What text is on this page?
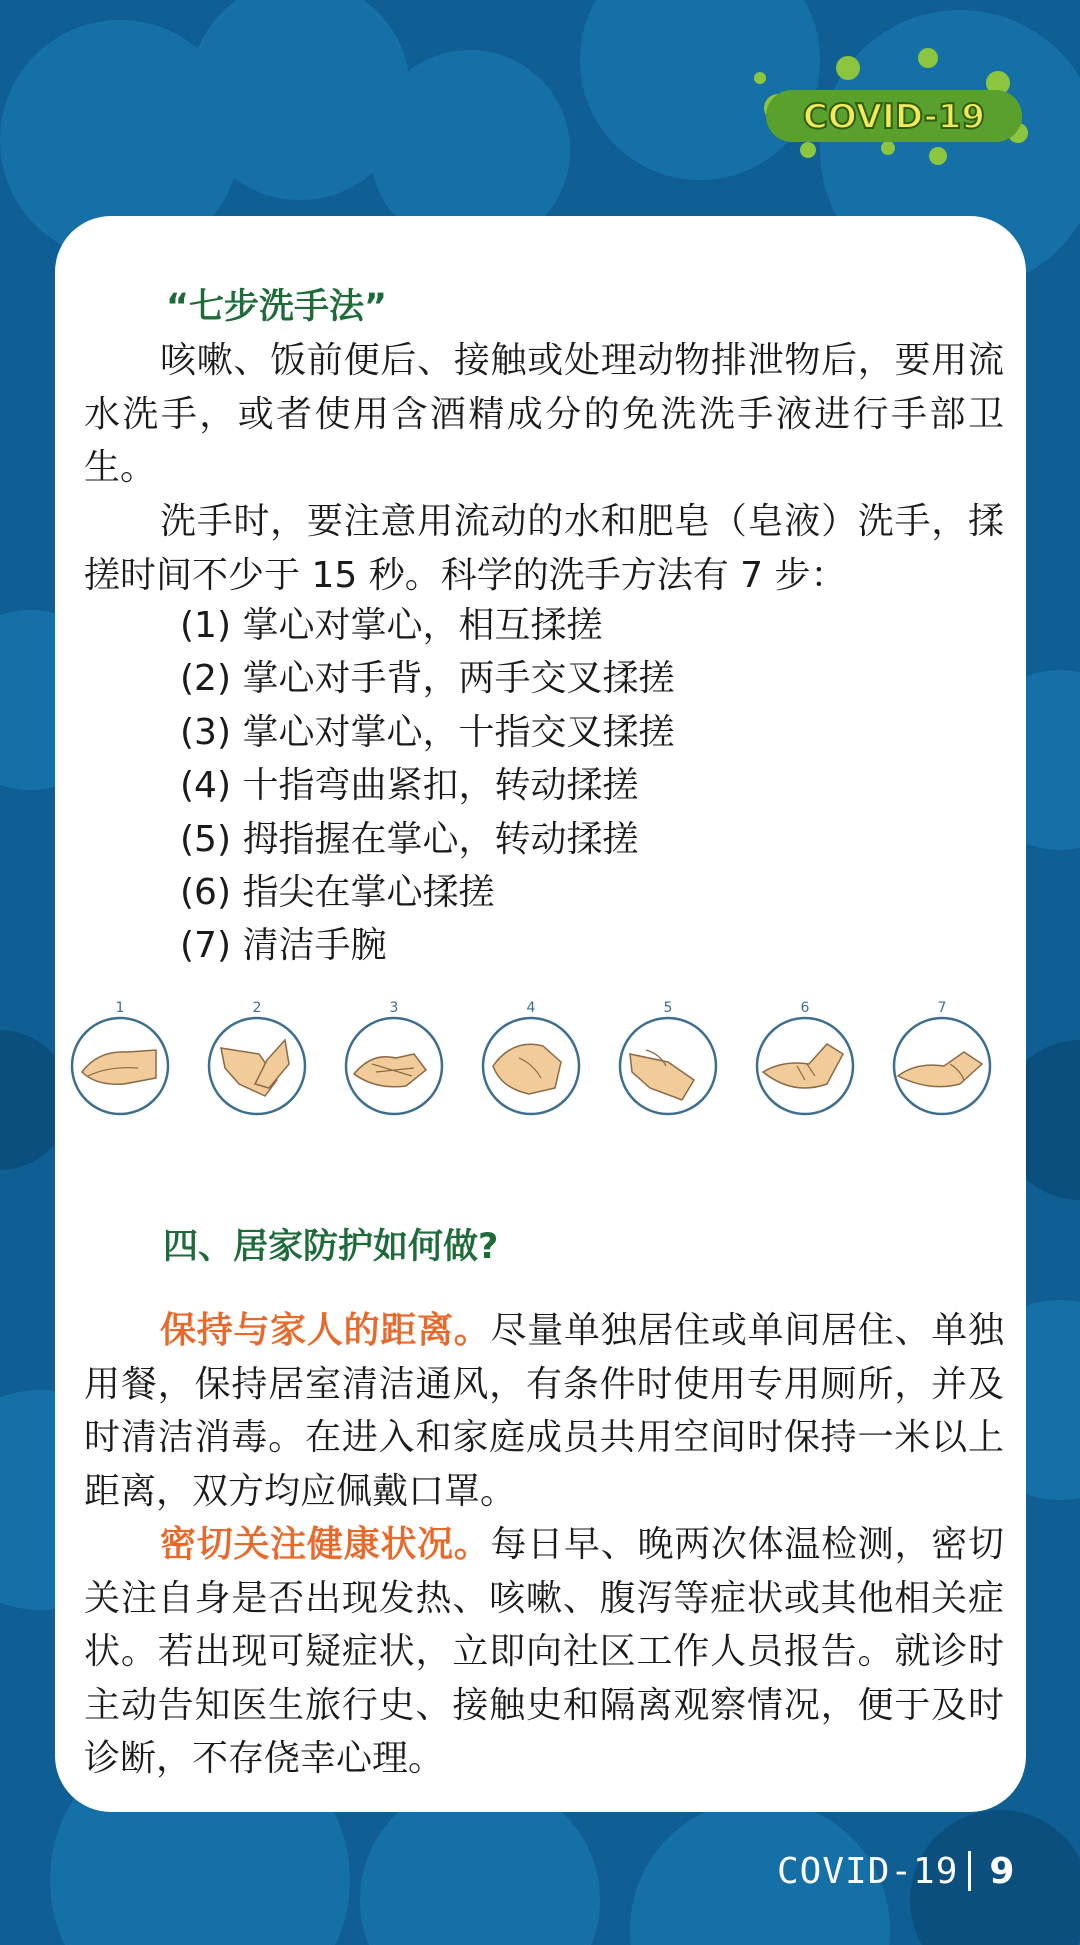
COVID-19
“七步洗手法”

咳嗽、饭前便后、接触或处理动物排泄物后，要用流水洗手，或者使用含酒精成分的免洗洗手液进行手部卫生。

洗手时，要注意用流动的水和肥皂（皂液）洗手，揉搓时间不少于 15 秒。科学的洗手方法有 7 步：

(1) 掌心对掌心，相互揉搓
(2) 掌心对手背，两手交叉揉搓
(3) 掌心对掌心，十指交叉揉搓
(4) 十指弯曲紧扣，转动揉搓
(5) 拇指握在掌心，转动揉搓
(6) 指尖在掌心揉搓
(7) 清洁手腕
1	2	3	4	5	6	7
四、居家防护如何做?

保持与家人的距离。尽量单独居住或单间居住、单独用餐，保持居室清洁通风，有条件时使用专用厕所，并及时清洁消毒。在进入和家庭成员共用空间时保持一米以上距离，双方均应佩戴口罩。

密切关注健康状况。每日早、晚两次体温检测，密切关注自身是否出现发热、咳嗽、腹泻等症状或其他相关症状。若出现可疑症状，立即向社区工作人员报告。就诊时主动告知医生旅行史、接触史和隔离观察情况，便于及时诊断，不存侥幸心理。

COVID-19 9
